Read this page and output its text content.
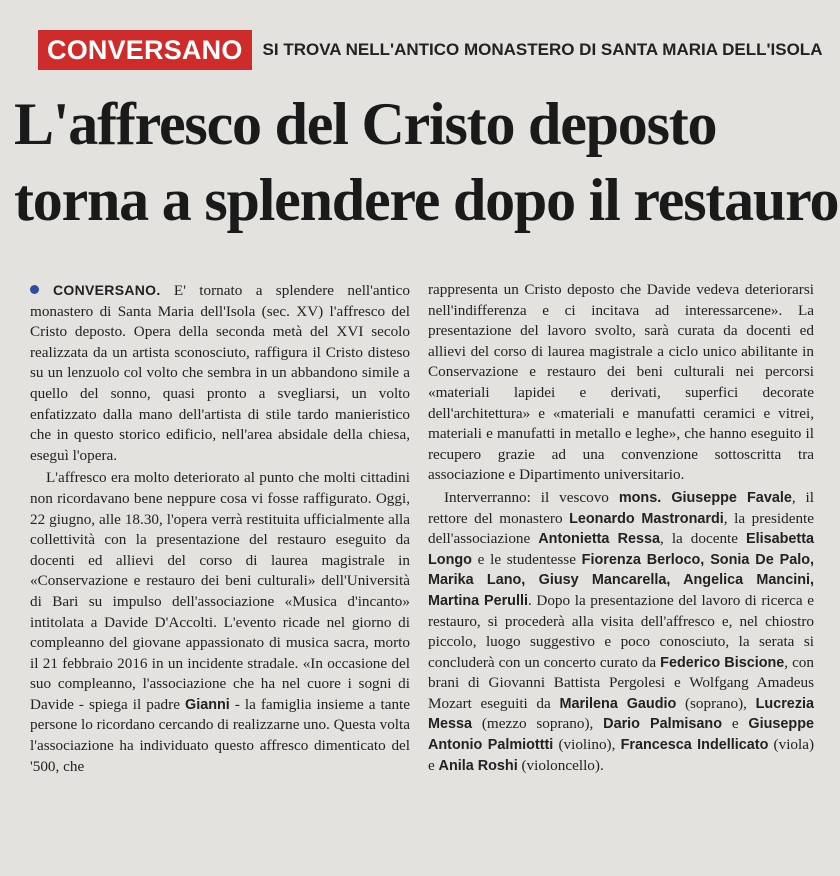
CONVERSANO	SI TROVA NELL'ANTICO MONASTERO DI SANTA MARIA DELL'ISOLA
L'affresco del Cristo deposto
torna a splendere dopo il restauro

CONVERSANO. E' tornato a splendere nell'antico monastero di Santa Maria dell'Isola (sec. XV) l'affresco del Cristo deposto. Opera della seconda metà del XVI secolo realizzata da un artista sconosciuto, raffigura il Cristo disteso su un lenzuolo col volto che sembra in un abbandono simile a quello del sonno, quasi pronto a svegliarsi, un volto enfatizzato dalla mano dell'artista di stile tardo manieristico che in questo storico edificio, nell'area absidale della chiesa, eseguì l'opera.

L'affresco era molto deteriorato al punto che molti cittadini non ricordavano bene neppure cosa vi fosse raffigurato. Oggi, 22 giugno, alle 18.30, l'opera verrà restituita ufficialmente alla collettività con la presentazione del restauro eseguito da docenti ed allievi del corso di laurea magistrale in «Conservazione e restauro dei beni culturali» dell'Università di Bari su impulso dell'associazione «Musica d'incanto» intitolata a Davide D'Accolti. L'evento ricade nel giorno di compleanno del giovane appassionato di musica sacra, morto il 21 febbraio 2016 in un incidente stradale. «In occasione del suo compleanno, l'associazione che ha nel cuore i sogni di Davide - spiega il padre Gianni - la famiglia insieme a tante persone lo ricordano cercando di realizzarne uno. Questa volta l'associazione ha individuato questo affresco dimenticato del '500, che

rappresenta un Cristo deposto che Davide vedeva deteriorarsi nell'indifferenza e ci incitava ad interessarcene». La presentazione del lavoro svolto, sarà curata da docenti ed allievi del corso di laurea magistrale a ciclo unico abilitante in Conservazione e restauro dei beni culturali nei percorsi «materiali lapidei e derivati, superfici decorate dell'architettura» e «materiali e manufatti ceramici e vitrei, materiali e manufatti in metallo e leghe», che hanno eseguito il recupero grazie ad una convenzione sottoscritta tra associazione e Dipartimento universitario.

Interverranno: il vescovo mons. Giuseppe Favale, il rettore del monastero Leonardo Mastronardi, la presidente dell'associazione Antonietta Ressa, la docente Elisabetta Longo e le studentesse Fiorenza Berloco, Sonia De Palo, Marika Lano, Giusy Mancarella, Angelica Mancini, Martina Perulli. Dopo la presentazione del lavoro di ricerca e restauro, si procederà alla visita dell'affresco e, nel chiostro piccolo, luogo suggestivo e poco conosciuto, la serata si concluderà con un concerto curato da Federico Biscione, con brani di Giovanni Battista Pergolesi e Wolfgang Amadeus Mozart eseguiti da Marilena Gaudio (soprano), Lucrezia Messa (mezzo soprano), Dario Palmisano e Giuseppe Antonio Palmiottti (violino), Francesca Indellicato (viola) e Anila Roshi (violoncello).
